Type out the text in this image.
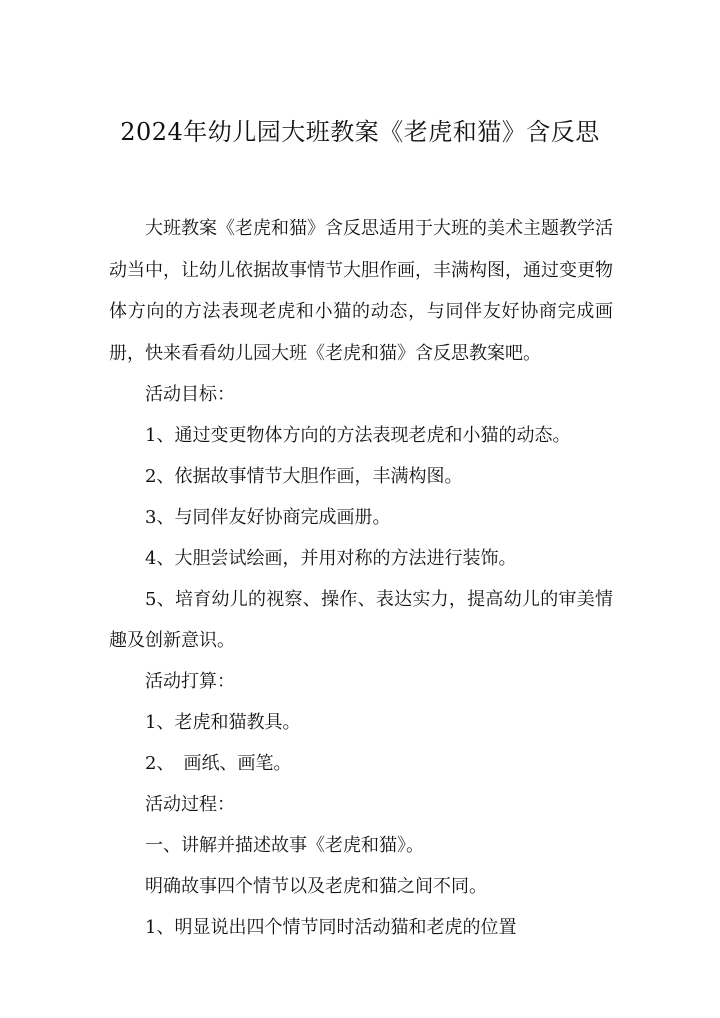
2024年幼儿园大班教案《老虎和猫》含反思

大班教案《老虎和猫》含反思适用于大班的美术主题教学活动当中，让幼儿依据故事情节大胆作画，丰满构图，通过变更物体方向的方法表现老虎和小猫的动态，与同伴友好协商完成画册，快来看看幼儿园大班《老虎和猫》含反思教案吧。

活动目标：

1、通过变更物体方向的方法表现老虎和小猫的动态。

2、依据故事情节大胆作画，丰满构图。

3、与同伴友好协商完成画册。

4、大胆尝试绘画，并用对称的方法进行装饰。

5、培育幼儿的视察、操作、表达实力，提高幼儿的审美情趣及创新意识。

活动打算：

1、老虎和猫教具。

2、　画纸、画笔。

活动过程：

一、讲解并描述故事《老虎和猫》。

明确故事四个情节以及老虎和猫之间不同。

1、明显说出四个情节同时活动猫和老虎的位置
